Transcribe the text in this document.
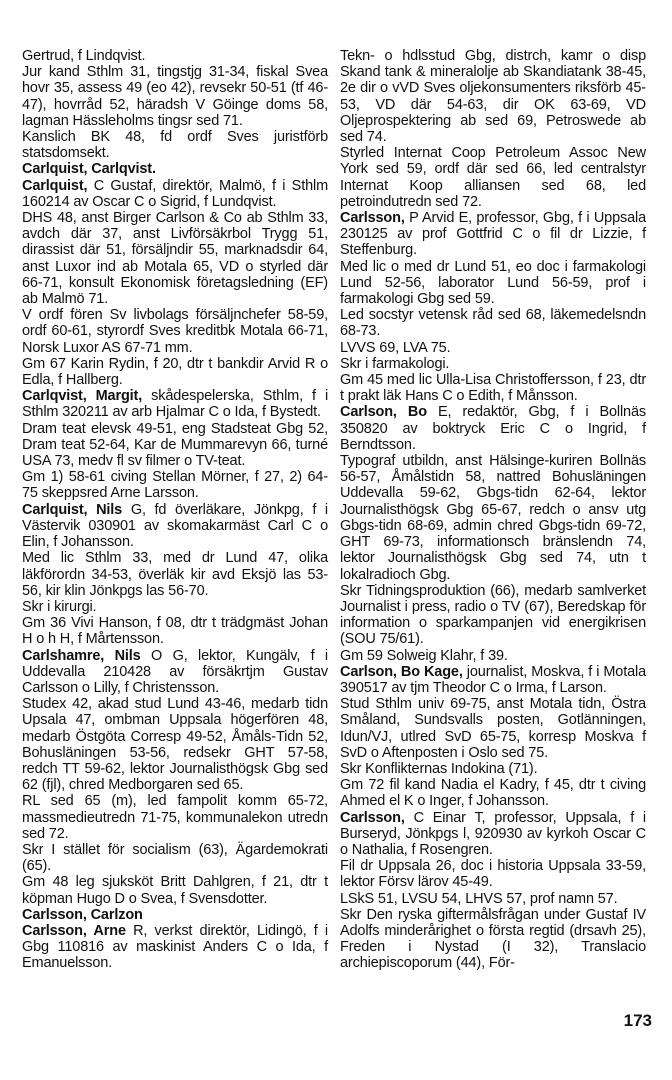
Gertrud, f Lindqvist.

Jur kand Sthlm 31, tingstjg 31-34, fiskal Svea hovr 35, assess 49 (eo 42), revsekr 50-51 (tf 46-47), hovrråd 52, häradsh V Göinge doms 58, lagman Hässleholms tingsr sed 71.

Kanslich BK 48, fd ordf Sves juristförb statsdomsekt.

Carlquist, Carlqvist.

Carlquist, C Gustaf, direktör, Malmö, f i Sthlm 160214 av Oscar C o Sigrid, f Lundqvist.

DHS 48, anst Birger Carlson & Co ab Sthlm 33, avdch där 37, anst Livförsäkrbol Trygg 51, dirassist där 51, försäljndir 55, marknadsdir 64, anst Luxor ind ab Motala 65, VD o styrled där 66-71, konsult Ekonomisk företagsledning (EF) ab Malmö 71.

V ordf fören Sv livbolags försäljnchefer 58-59, ordf 60-61, styrordf Sves kreditbk Motala 66-71, Norsk Luxor AS 67-71 mm.

Gm 67 Karin Rydin, f 20, dtr t bankdir Arvid R o Edla, f Hallberg.

Carlqvist, Margit, skådespelerska, Sthlm, f i Sthlm 320211 av arb Hjalmar C o Ida, f Bystedt.

Dram teat elevsk 49-51, eng Stadsteat Gbg 52, Dram teat 52-64, Kar de Mummarevyn 66, turné USA 73, medv fl sv filmer o TV-teat.

Gm 1) 58-61 civing Stellan Mörner, f 27, 2) 64-75 skeppsred Arne Larsson.

Carlquist, Nils G, fd överläkare, Jönkpg, f i Västervik 030901 av skomakarmäst Carl C o Elin, f Johansson.

Med lic Sthlm 33, med dr Lund 47, olika läkförordn 34-53, överläk kir avd Eksjö las 53-56, kir klin Jönkpgs las 56-70.

Skr i kirurgi.

Gm 36 Vivi Hanson, f 08, dtr t trädgmäst Johan H o h H, f Mårtensson.

Carlshamre, Nils O G, lektor, Kungälv, f i Uddevalla 210428 av försäkrtjm Gustav Carlsson o Lilly, f Christensson.

Studex 42, akad stud Lund 43-46, medarb tidn Upsala 47, ombman Uppsala högerfören 48, medarb Östgöta Corresp 49-52, Åmåls-Tidn 52, Bohusläningen 53-56, redsekr GHT 57-58, redch TT 59-62, lektor Journalisthögsk Gbg sed 62 (fjl), chred Medborgaren sed 65.

RL sed 65 (m), led fampolit komm 65-72, massmedieutredn 71-75, kommunalekon utredn sed 72.

Skr I stället för socialism (63), Ägardemokrati (65).

Gm 48 leg sjuksköt Britt Dahlgren, f 21, dtr t köpman Hugo D o Svea, f Svensdotter.

Carlsson, Carlzon

Carlsson, Arne R, verkst direktör, Lidingö, f i Gbg 110816 av maskinist Anders C o Ida, f Emanuelsson.

Tekn- o hdlsstud Gbg, distrch, kamr o disp Skand tank & mineralolje ab Skandiatank 38-45, 2e dir o vVD Sves oljekonsumenters riksförb 45-53, VD där 54-63, dir OK 63-69, VD Oljeprospektering ab sed 69, Petroswede ab sed 74.

Styrled Internat Coop Petroleum Assoc New York sed 59, ordf där sed 66, led centralstyr Internat Koop alliansen sed 68, led petroindutredn sed 72.

Carlsson, P Arvid E, professor, Gbg, f i Uppsala 230125 av prof Gottfrid C o fil dr Lizzie, f Steffenburg.

Med lic o med dr Lund 51, eo doc i farmakologi Lund 52-56, laborator Lund 56-59, prof i farmakologi Gbg sed 59.

Led socstyr vetensk råd sed 68, läkemedelsndn 68-73.

LVVS 69, LVA 75.

Skr i farmakologi.

Gm 45 med lic Ulla-Lisa Christoffersson, f 23, dtr t prakt läk Hans C o Edith, f Månsson.

Carlson, Bo E, redaktör, Gbg, f i Bollnäs 350820 av boktryck Eric C o Ingrid, f Berndtsson.

Typograf utbildn, anst Hälsinge-kuriren Bollnäs 56-57, Åmålstidn 58, nattred Bohusläningen Uddevalla 59-62, Gbgs-tidn 62-64, lektor Journalisthögsk Gbg 65-67, redch o ansv utg Gbgs-tidn 68-69, admin chred Gbgs-tidn 69-72, GHT 69-73, informationsch bränslendn 74, lektor Journalisthögsk Gbg sed 74, utn t lokalradioch Gbg.

Skr Tidningsproduktion (66), medarb samlverket Journalist i press, radio o TV (67), Beredskap för information o sparkampanjen vid energikrisen (SOU 75/61).

Gm 59 Solweig Klahr, f 39.

Carlson, Bo Kage, journalist, Moskva, f i Motala 390517 av tjm Theodor C o Irma, f Larson.

Stud Sthlm univ 69-75, anst Motala tidn, Östra Småland, Sundsvalls posten, Gotlänningen, Idun/VJ, utlred SvD 65-75, korresp Moskva f SvD o Aftenposten i Oslo sed 75.

Skr Konflikternas Indokina (71).

Gm 72 fil kand Nadia el Kadry, f 45, dtr t civing Ahmed el K o Inger, f Johansson.

Carlsson, C Einar T, professor, Uppsala, f i Burseryd, Jönkpgs l, 920930 av kyrkoh Oscar C o Nathalia, f Rosengren.

Fil dr Uppsala 26, doc i historia Uppsala 33-59, lektor Försv lärov 45-49.

LSkS 51, LVSU 54, LHVS 57, prof namn 57.

Skr Den ryska giftermålsfrågan under Gustaf IV Adolfs minderårighet o första regtid (drsavh 25), Freden i Nystad (I 32), Translacio archiepiscoporum (44), För-

173
